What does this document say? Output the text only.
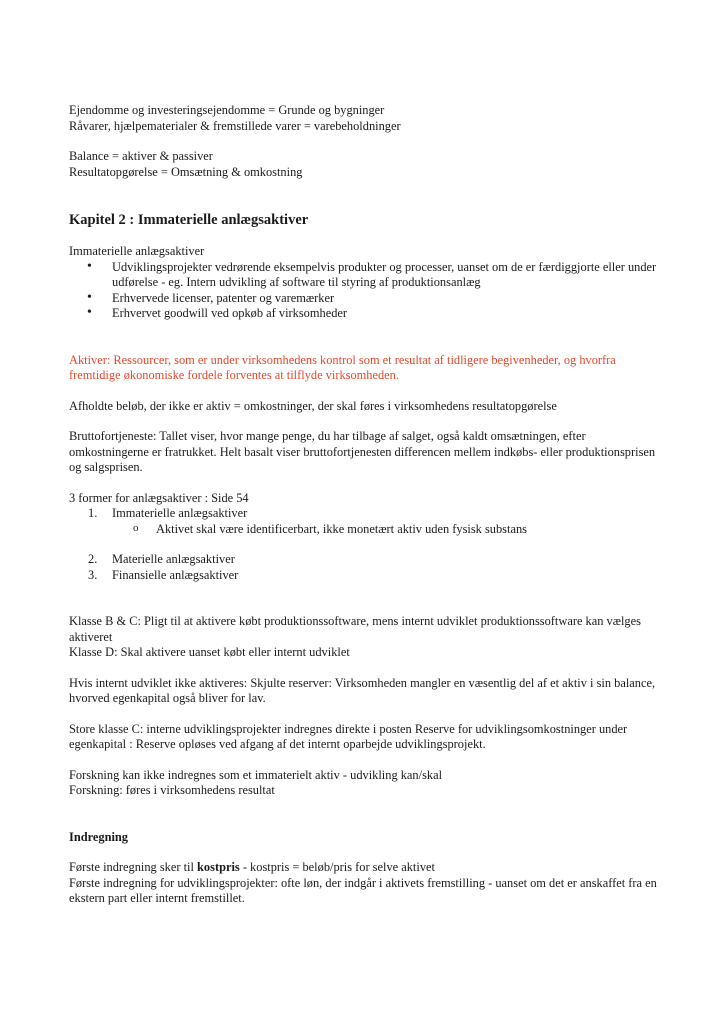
Ejendomme og investeringsejendomme = Grunde og bygninger

Råvarer, hjælpematerialer & fremstillede varer = varebeholdninger

Balance = aktiver & passiver

Resultatopgørelse = Omsætning & omkostning

Kapitel 2 : Immaterielle anlægsaktiver

Immaterielle anlægsaktiver

• Udviklingsprojekter vedrørende eksempelvis produkter og processer, uanset om de er færdiggjorte eller under udførelse - eg. Intern udvikling af software til styring af produktionsanlæg
• Erhvervede licenser, patenter og varemærker
• Erhvervet goodwill ved opkøb af virksomheder

Aktiver: Ressourcer, som er under virksomhedens kontrol som et resultat af tidligere begivenheder, og hvorfra fremtidige økonomiske fordele forventes at tilflyde virksomheden.

Afholdte beløb, der ikke er aktiv = omkostninger, der skal føres i virksomhedens resultatopgørelse

Bruttofortjeneste: Tallet viser, hvor mange penge, du har tilbage af salget, også kaldt omsætningen, efter omkostningerne er fratrukket. Helt basalt viser bruttofortjenesten differencen mellem indkøbs- eller produktionsprisen og salgsprisen.

3 former for anlægsaktiver : Side 54

1. Immaterielle anlægsaktiver
o Aktivet skal være identificerbart, ikke monetært aktiv uden fysisk substans
2. Materielle anlægsaktiver
3. Finansielle anlægsaktiver

Klasse B & C: Pligt til at aktivere købt produktionssoftware, mens internt udviklet produktionssoftware kan vælges aktiveret

Klasse D: Skal aktivere uanset købt eller internt udviklet

Hvis internt udviklet ikke aktiveres: Skjulte reserver: Virksomheden mangler en væsentlig del af et aktiv i sin balance, hvorved egenkapital også bliver for lav.

Store klasse C: interne udviklingsprojekter indregnes direkte i posten Reserve for udviklingsomkostninger under egenkapital : Reserve opløses ved afgang af det internt oparbejde udviklingsprojekt.

Forskning kan ikke indregnes som et immaterielt aktiv - udvikling kan/skal

Forskning: føres i virksomhedens resultat

Indregning

Første indregning sker til kostpris - kostpris = beløb/pris for selve aktivet

Første indregning for udviklingsprojekter: ofte løn, der indgår i aktivets fremstilling - uanset om det er anskaffet fra en ekstern part eller internt fremstillet.
